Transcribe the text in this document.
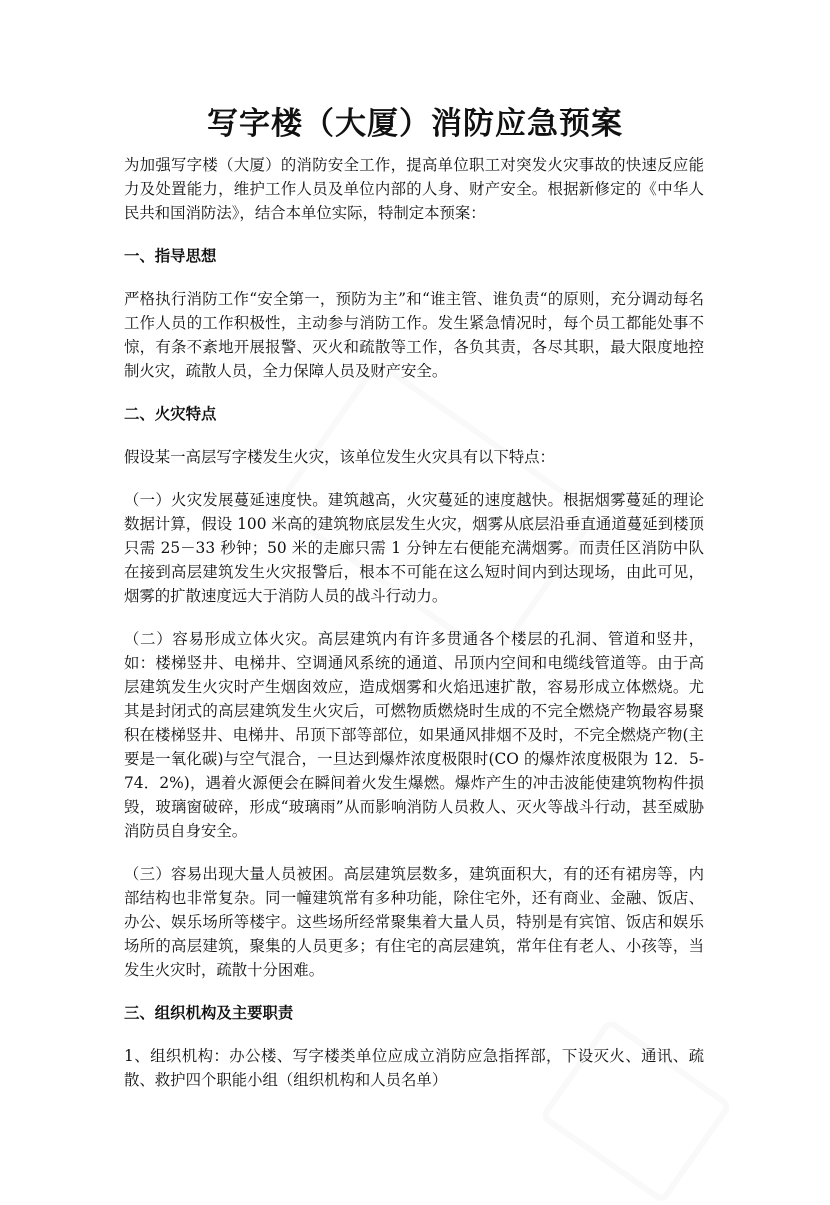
写字楼（大厦）消防应急预案

为加强写字楼（大厦）的消防安全工作，提高单位职工对突发火灾事故的快速反应能力及处置能力，维护工作人员及单位内部的人身、财产安全。根据新修定的《中华人民共和国消防法》，结合本单位实际，特制定本预案：

一、指导思想

严格执行消防工作“安全第一，预防为主”和“谁主管、谁负责“的原则，充分调动每名工作人员的工作积极性，主动参与消防工作。发生紧急情况时，每个员工都能处事不惊，有条不紊地开展报警、灭火和疏散等工作，各负其责，各尽其职，最大限度地控制火灾，疏散人员，全力保障人员及财产安全。

二、火灾特点

假设某一高层写字楼发生火灾，该单位发生火灾具有以下特点：

（一）火灾发展蔓延速度快。建筑越高，火灾蔓延的速度越快。根据烟雾蔓延的理论数据计算，假设 100 米高的建筑物底层发生火灾，烟雾从底层沿垂直通道蔓延到楼顶只需 25－33 秒钟；50 米的走廊只需 1 分钟左右便能充满烟雾。而责任区消防中队在接到高层建筑发生火灾报警后，根本不可能在这么短时间内到达现场，由此可见，烟雾的扩散速度远大于消防人员的战斗行动力。

（二）容易形成立体火灾。高层建筑内有许多贯通各个楼层的孔洞、管道和竖井，如：楼梯竖井、电梯井、空调通风系统的通道、吊顶内空间和电缆线管道等。由于高层建筑发生火灾时产生烟囱效应，造成烟雾和火焰迅速扩散，容易形成立体燃烧。尤其是封闭式的高层建筑发生火灾后，可燃物质燃烧时生成的不完全燃烧产物最容易聚积在楼梯竖井、电梯井、吊顶下部等部位，如果通风排烟不及时，不完全燃烧产物(主要是一氧化碳)与空气混合，一旦达到爆炸浓度极限时(CO 的爆炸浓度极限为 12．5-74．2%)，遇着火源便会在瞬间着火发生爆燃。爆炸产生的冲击波能使建筑物构件损毁，玻璃窗破碎，形成“玻璃雨”从而影响消防人员救人、灭火等战斗行动，甚至威胁消防员自身安全。

（三）容易出现大量人员被困。高层建筑层数多，建筑面积大，有的还有裙房等，内部结构也非常复杂。同一幢建筑常有多种功能，除住宅外，还有商业、金融、饭店、办公、娱乐场所等楼宇。这些场所经常聚集着大量人员，特别是有宾馆、饭店和娱乐场所的高层建筑，聚集的人员更多；有住宅的高层建筑，常年住有老人、小孩等，当发生火灾时，疏散十分困难。

三、组织机构及主要职责

1、组织机构：办公楼、写字楼类单位应成立消防应急指挥部，下设灭火、通讯、疏散、救护四个职能小组（组织机构和人员名单）
